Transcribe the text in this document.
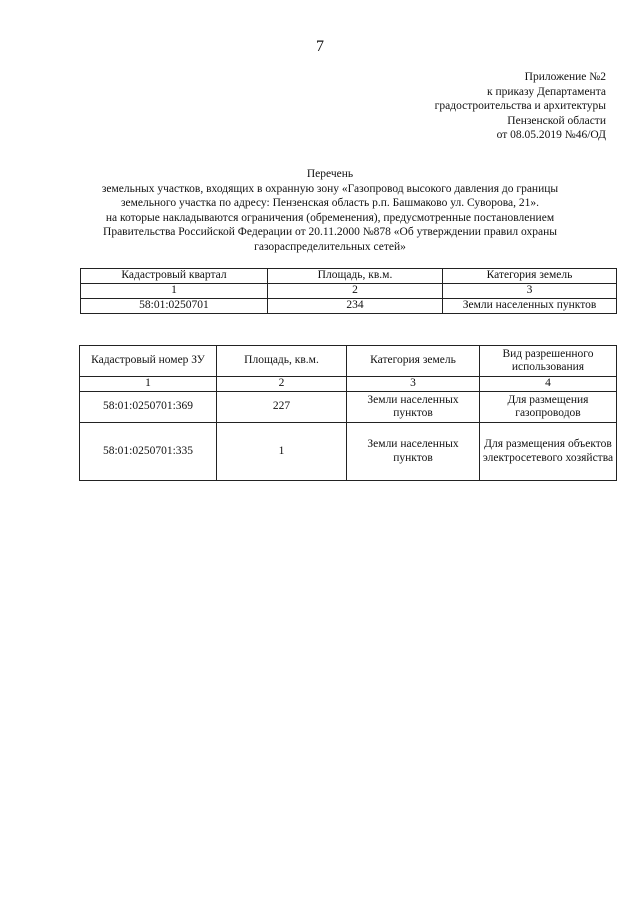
7
Приложение №2
к приказу Департамента
градостроительства и архитектуры
Пензенской области
от 08.05.2019 №46/ОД
Перечень
земельных участков, входящих в охранную зону «Газопровод высокого давления до границы
земельного участка по адресу: Пензенская область р.п. Башмаково ул. Суворова, 21».
на которые накладываются ограничения (обременения), предусмотренные постановлением
Правительства Российской Федерации от 20.11.2000 №878 «Об утверждении правил охраны
газораспределительных сетей»
Кадастровый квартал	Площадь, кв.м.	Категория земель
1	2	3
58:01:0250701	234	Земли населенных пунктов
Кадастровый номер ЗУ	Площадь, кв.м.	Категория земель	Вид разрешенного использования
1	2	3	4
58:01:0250701:369	227	Земли населенных пунктов	Для размещения газопроводов
58:01:0250701:335	1	Земли населенных пунктов	Для размещения объектов электросетевого хозяйства
